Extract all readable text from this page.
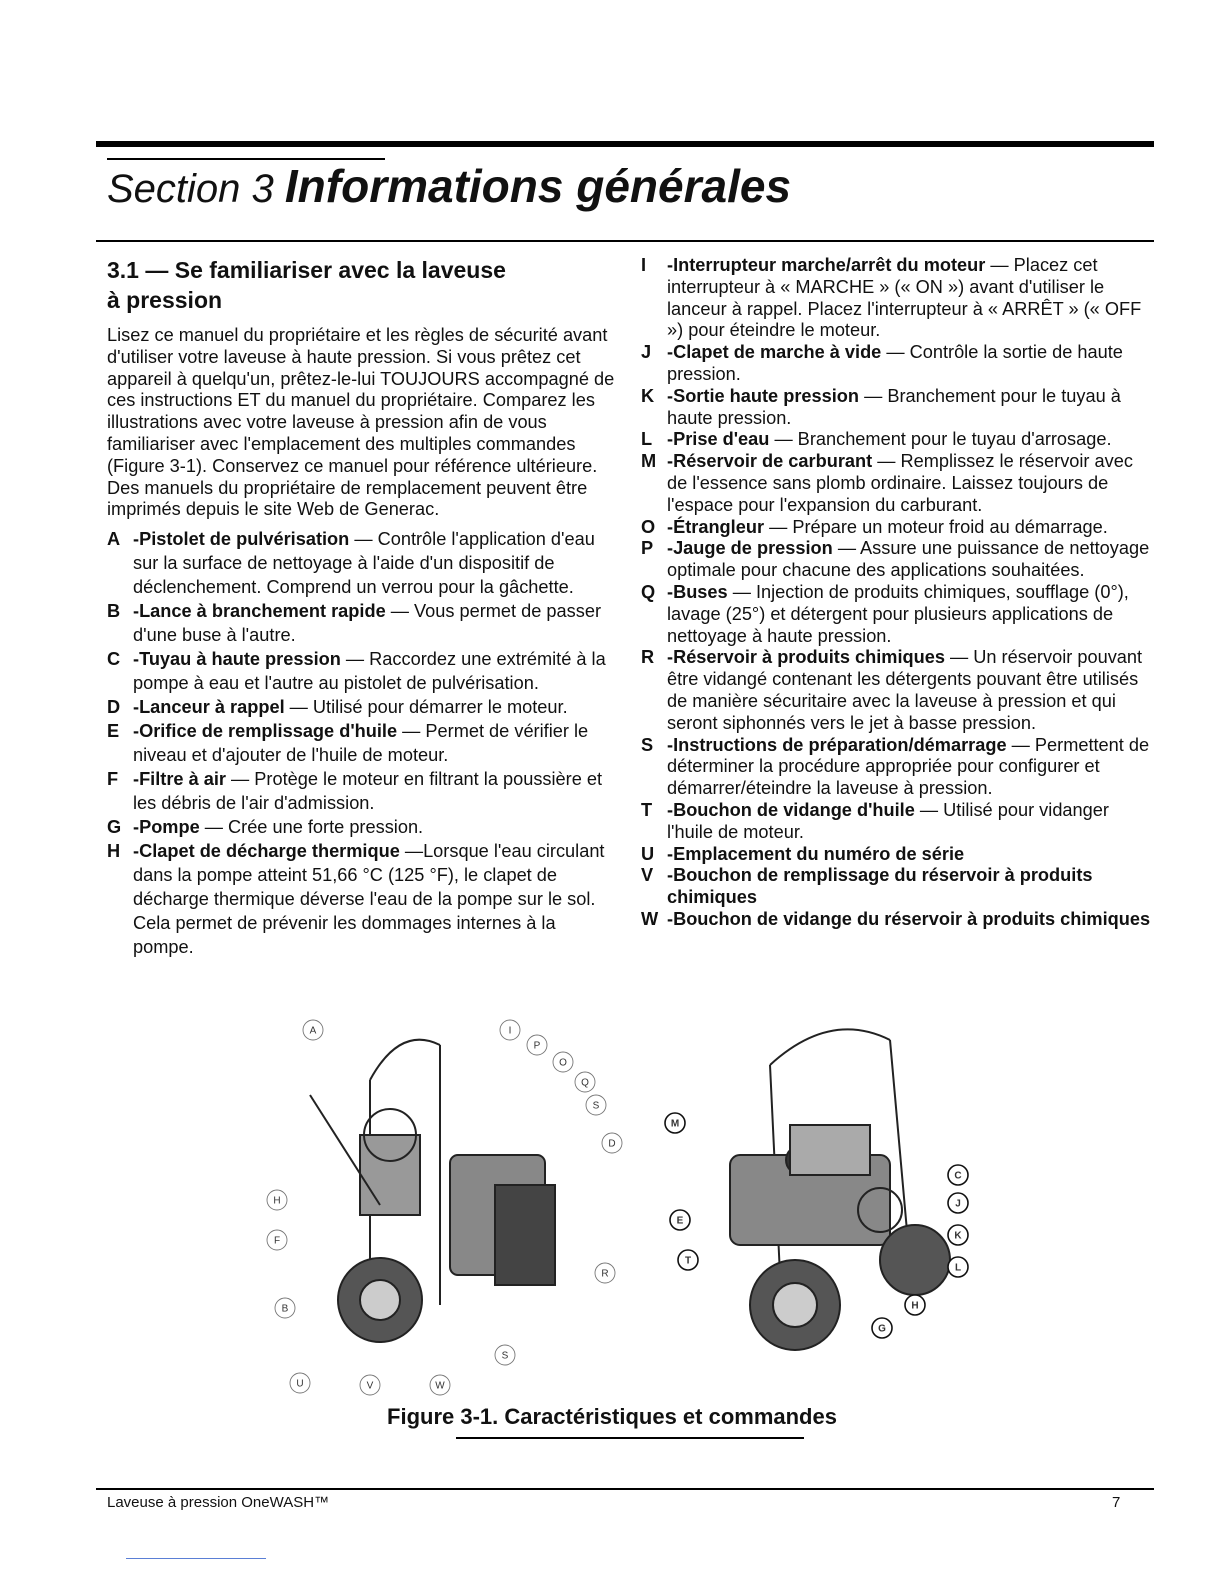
Section 3 Informations générales
3.1 — Se familiariser avec la laveuse
à pression

Lisez ce manuel du propriétaire et les règles de sécurité avant d'utiliser votre laveuse à haute pression. Si vous prêtez cet appareil à quelqu'un, prêtez-le-lui TOUJOURS accompagné de ces instructions ET du manuel du propriétaire. Comparez les illustrations avec votre laveuse à pression afin de vous familiariser avec l'emplacement des multiples commandes (Figure 3-1). Conservez ce manuel pour référence ultérieure. Des manuels du propriétaire de remplacement peuvent être imprimés depuis le site Web de Generac.

A -Pistolet de pulvérisation — Contrôle l'application d'eau sur la surface de nettoyage à l'aide d'un dispositif de déclenchement. Comprend un verrou pour la gâchette.
B -Lance à branchement rapide — Vous permet de passer d'une buse à l'autre.
C -Tuyau à haute pression — Raccordez une extrémité à la pompe à eau et l'autre au pistolet de pulvérisation.
D -Lanceur à rappel — Utilisé pour démarrer le moteur.
E -Orifice de remplissage d'huile — Permet de vérifier le niveau et d'ajouter de l'huile de moteur.
F -Filtre à air — Protège le moteur en filtrant la poussière et les débris de l'air d'admission.
G -Pompe — Crée une forte pression.
H -Clapet de décharge thermique —Lorsque l'eau circulant dans la pompe atteint 51,66 °C (125 °F), le clapet de décharge thermique déverse l'eau de la pompe sur le sol. Cela permet de prévenir les dommages internes à la pompe.
I	-Interrupteur marche/arrêt du moteur — Placez cet interrupteur à « MARCHE » (« ON ») avant d'utiliser le lanceur à rappel. Placez l'interrupteur à « ARRÊT » (« OFF ») pour éteindre le moteur.
J -Clapet de marche à vide — Contrôle la sortie de haute pression.
K -Sortie haute pression — Branchement pour le tuyau à haute pression.
L -Prise d'eau — Branchement pour le tuyau d'arrosage.
M -Réservoir de carburant — Remplissez le réservoir avec de l'essence sans plomb ordinaire. Laissez toujours de l'espace pour l'expansion du carburant.
O -Étrangleur — Prépare un moteur froid au démarrage.
P -Jauge de pression — Assure une puissance de nettoyage optimale pour chacune des applications souhaitées.
Q -Buses — Injection de produits chimiques, soufflage (0°), lavage (25°) et détergent pour plusieurs applications de nettoyage à haute pression.
R -Réservoir à produits chimiques — Un réservoir pouvant être vidangé contenant les détergents pouvant être utilisés de manière sécuritaire avec la laveuse à pression et qui seront siphonnés vers le jet à basse pression.
S -Instructions de préparation/démarrage — Permettent de déterminer la procédure appropriée pour configurer et démarrer/éteindre la laveuse à pression.
T -Bouchon de vidange d'huile — Utilisé pour vidanger l'huile de moteur.
U -Emplacement du numéro de série
V -Bouchon de remplissage du réservoir à produits chimiques
W -Bouchon de vidange du réservoir à produits chimiques
A	I
P
O
Q
S
D
H
F
R
B
S
U	V	W
M
C
J
E
K
T
L
H
G
Figure 3-1. Caractéristiques et commandes
Laveuse à pression OneWASH™	7
